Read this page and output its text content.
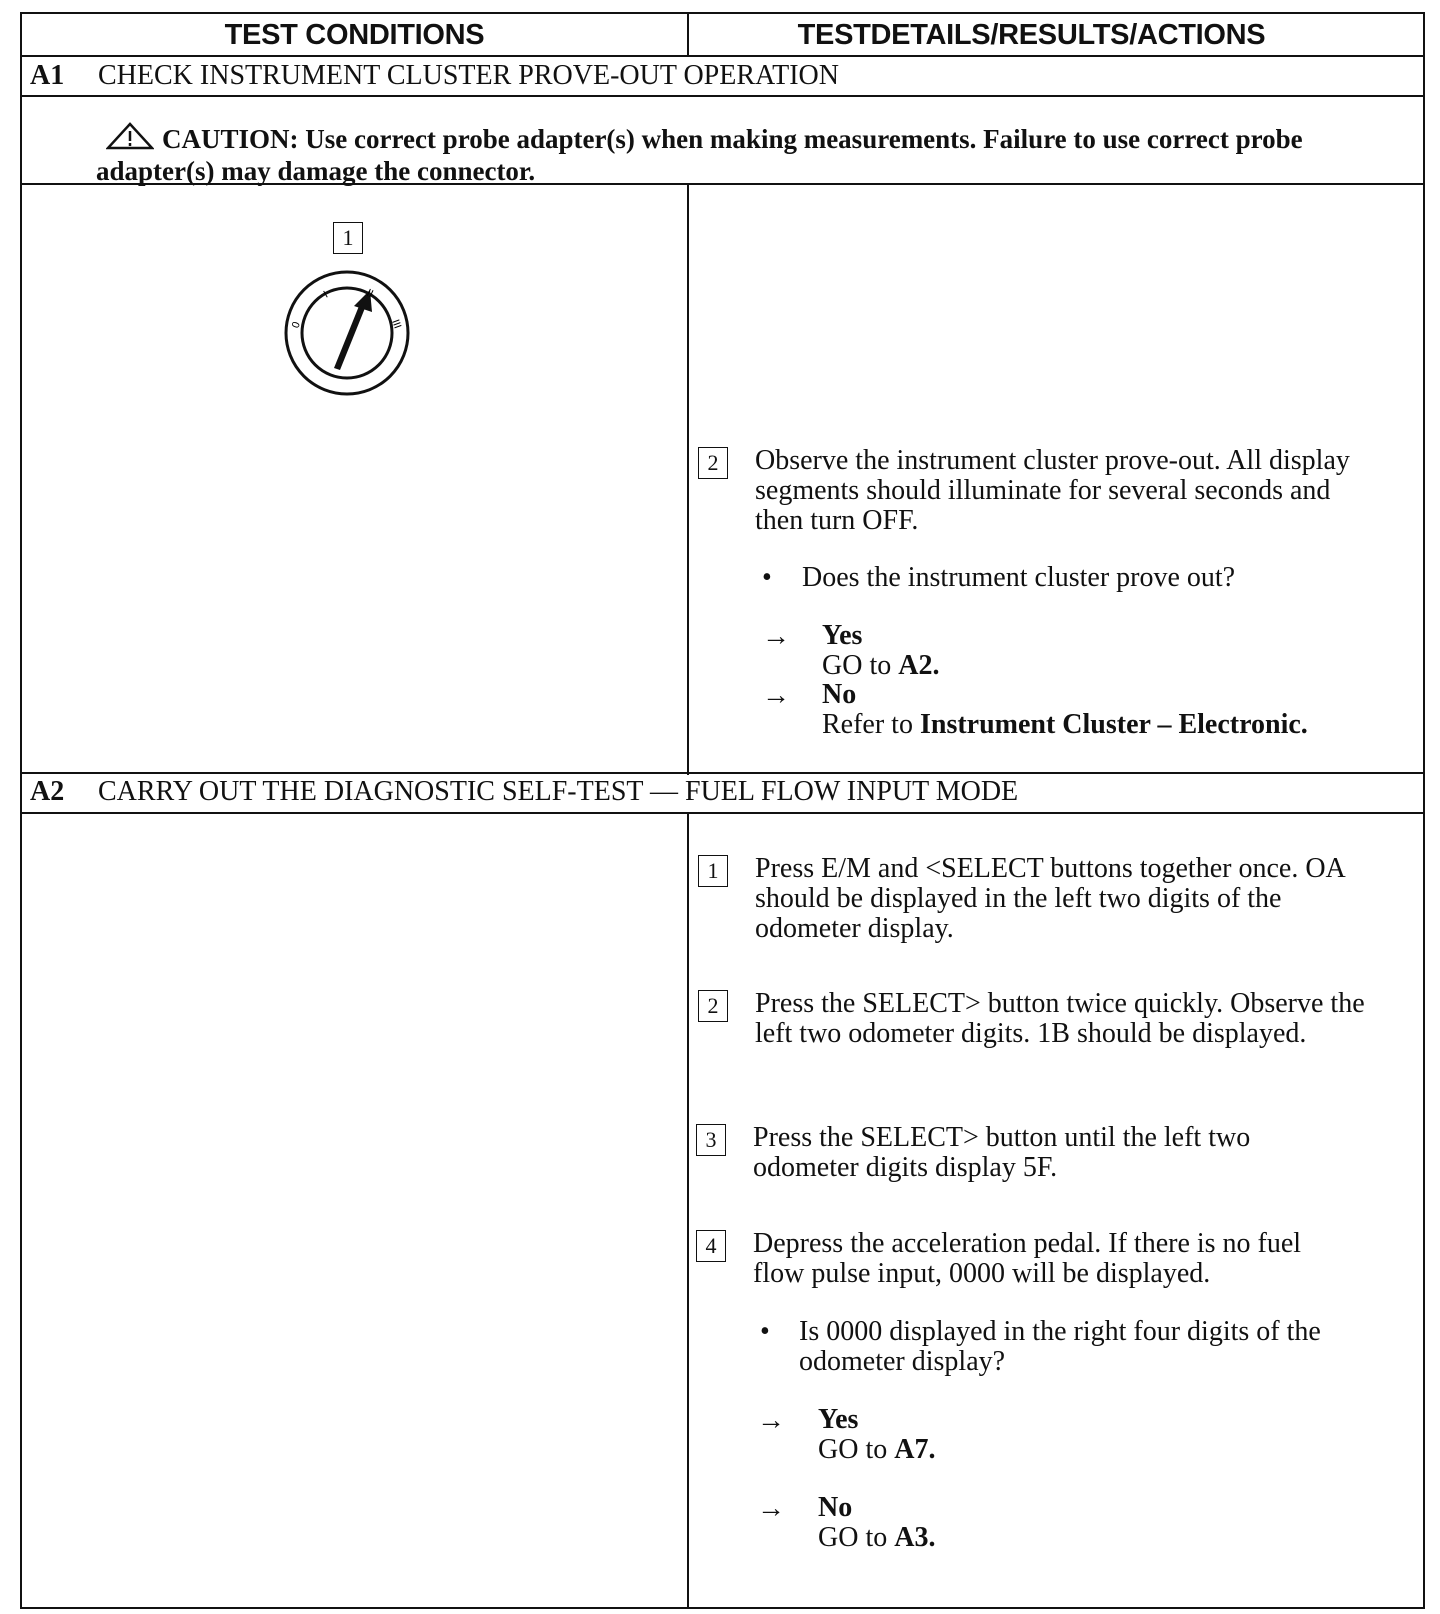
TEST CONDITIONS	TESTDETAILS/RESULTS/ACTIONS
A1 CHECK INSTRUMENT CLUSTER PROVE-OUT OPERATION
CAUTION: Use correct probe adapter(s) when making measurements. Failure to use correct probe adapter(s) may damage the connector.
1
0
I	II
III
2	Observe the instrument cluster prove-out. All display segments should illuminate for several seconds and then turn OFF.
• Does the instrument cluster prove out?
→ Yes
GO to A2.
→ No
Refer to Instrument Cluster – Electronic.
A2 CARRY OUT THE DIAGNOSTIC SELF-TEST — FUEL FLOW INPUT MODE
1	Press E/M and <SELECT buttons together once. OA should be displayed in the left two digits of the odometer display.
2	Press the SELECT> button twice quickly. Observe the left two odometer digits. 1B should be displayed.
3	Press the SELECT> button until the left two odometer digits display 5F.
4	Depress the acceleration pedal. If there is no fuel flow pulse input, 0000 will be displayed.
• Is 0000 displayed in the right four digits of the odometer display?
→ Yes
GO to A7.
→ No
GO to A3.
